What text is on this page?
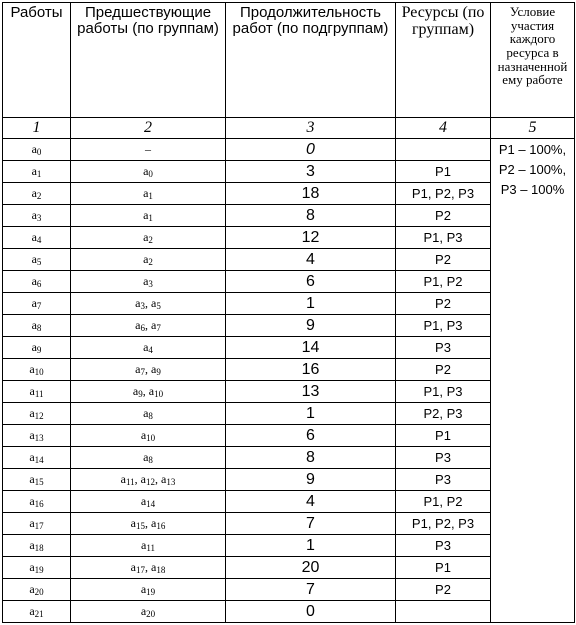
Работы	Предшествующие работы (по группам)	Продолжительность работ (по подгруппам)	Ресурсы (по группам)	Условие участия каждого ресурса в назначенной ему работе
1	2	3	4	5
$a_0$	–	0		P1 – 100%,
P2 – 100%,
P3 – 100%

$a_1$	$a_0$	3	P1	
$a_2$	$a_1$	18	P1, P2, P3	
$a_3$	$a_1$	8	P2	
$a_4$	$a_2$	12	P1, P3	
$a_5$	$a_2$	4	P2	
$a_6$	$a_3$	6	P1, P2	
$a_7$	$a_3$, $a_5$	1	P2	
$a_8$	$a_6$, $a_7$	9	P1, P3	
$a_9$	$a_4$	14	P3	
$a_{10}$	$a_7$, $a_9$	16	P2	
$a_{11}$	$a_9$, $a_{10}$	13	P1, P3	
$a_{12}$	$a_8$	1	P2, P3	
$a_{13}$	$a_{10}$	6	P1	
$a_{14}$	$a_8$	8	P3	
$a_{15}$	$a_{11}$, $a_{12}$, $a_{13}$	9	P3	
$a_{16}$	$a_{14}$	4	P1, P2	
$a_{17}$	$a_{15}$, $a_{16}$	7	P1, P2, P3	
$a_{18}$	$a_{11}$	1	P3	
$a_{19}$	$a_{17}$, $a_{18}$	20	P1	
$a_{20}$	$a_{19}$	7	P2	
$a_{21}$	$a_{20}$	0		
